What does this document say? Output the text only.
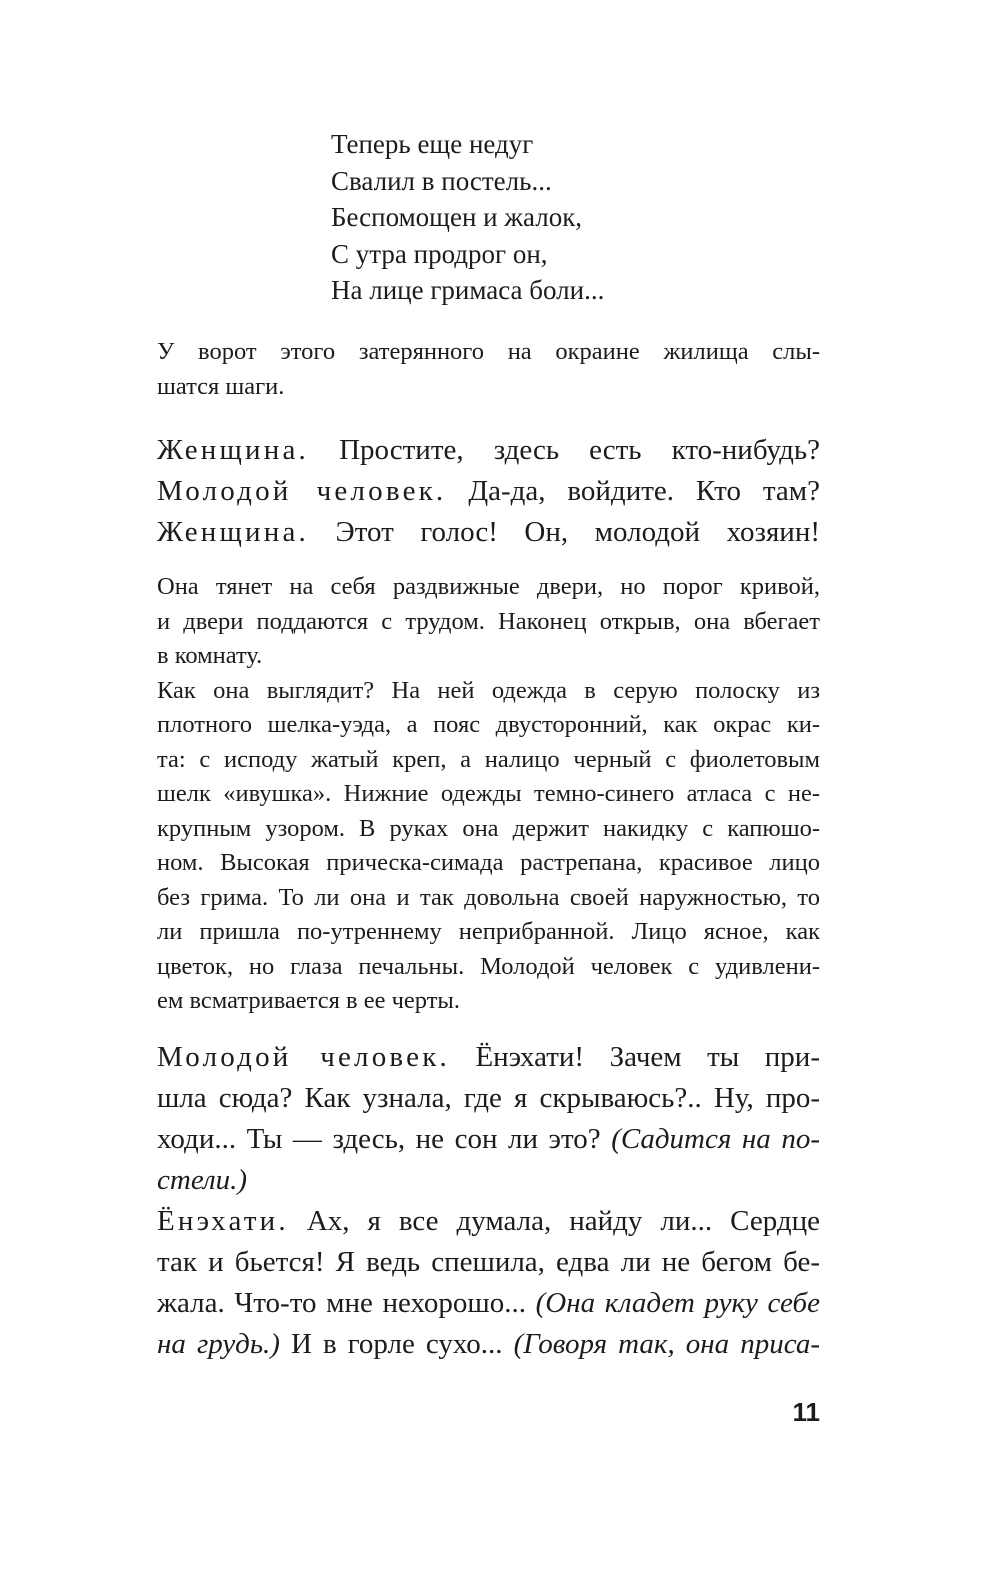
Теперь еще недуг
Свалил в постель...
Беспомощен и жалок,
С утра продрог он,
На лице гримаса боли...
У ворот этого затерянного на окраине жилища слы-
шатся шаги.
Женщина. Простите, здесь есть кто-нибудь?
Молодой человек. Да-да, войдите. Кто там?
Женщина. Этот голос! Он, молодой хозяин!
Она тянет на себя раздвижные двери, но порог кривой,
и двери поддаются с трудом. Наконец открыв, она вбегает
в комнату.
Как она выглядит? На ней одежда в серую полоску из
плотного шелка-уэда, а пояс двусторонний, как окрас ки-
та: с исподу жатый креп, а налицо черный с фиолетовым
шелк «ивушка». Нижние одежды темно-синего атласа с не-
крупным узором. В руках она держит накидку с капюшо-
ном. Высокая прическа-симада растрепана, красивое лицо
без грима. То ли она и так довольна своей наружностью, то
ли пришла по-утреннему неприбранной. Лицо ясное, как
цветок, но глаза печальны. Молодой человек с удивлени-
ем всматривается в ее черты.
Молодой человек. Ёнэхати! Зачем ты при-
шла сюда? Как узнала, где я скрываюсь?.. Ну, про-
ходи... Ты — здесь, не сон ли это? (Садится на по-
стели.)
Ёнэхати. Ах, я все думала, найду ли... Сердце
так и бьется! Я ведь спешила, едва ли не бегом бе-
жала. Что-то мне нехорошо... (Она кладет руку себе
на грудь.) И в горле сухо... (Говоря так, она приса-
11
